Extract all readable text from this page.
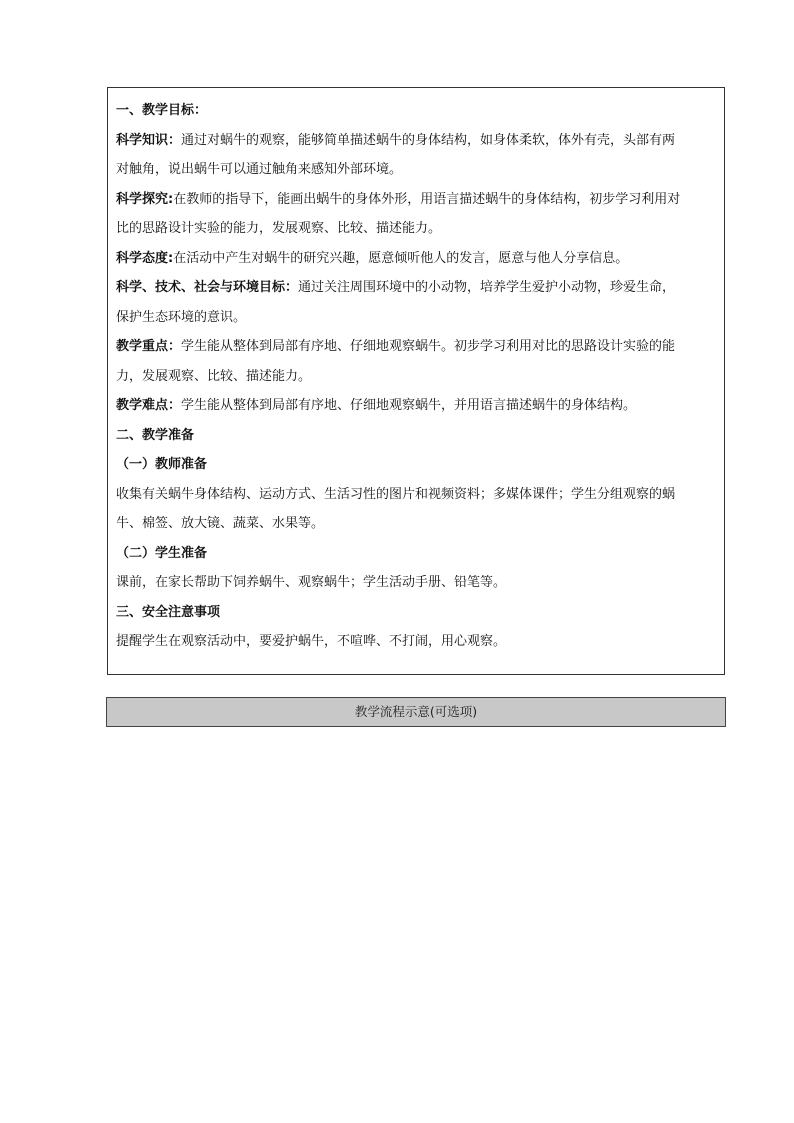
一、教学目标：
科学知识：通过对蜗牛的观察，能够简单描述蜗牛的身体结构，如身体柔软，体外有壳，头部有两
对触角，说出蜗牛可以通过触角来感知外部环境。
科学探究:在教师的指导下，能画出蜗牛的身体外形，用语言描述蜗牛的身体结构，初步学习利用对
比的思路设计实验的能力，发展观察、比较、描述能力。
科学态度:在活动中产生对蜗牛的研究兴趣，愿意倾听他人的发言，愿意与他人分享信息。
科学、技术、社会与环境目标：通过关注周围环境中的小动物，培养学生爱护小动物，珍爱生命，
保护生态环境的意识。
教学重点：学生能从整体到局部有序地、仔细地观察蜗牛。初步学习利用对比的思路设计实验的能
力，发展观察、比较、描述能力。
教学难点：学生能从整体到局部有序地、仔细地观察蜗牛，并用语言描述蜗牛的身体结构。
二、教学准备
（一）教师准备
收集有关蜗牛身体结构、运动方式、生活习性的图片和视频资料；多媒体课件；学生分组观察的蜗
牛、棉签、放大镜、蔬菜、水果等。
（二）学生准备
课前，在家长帮助下饲养蜗牛、观察蜗牛；学生活动手册、铅笔等。
三、安全注意事项
提醒学生在观察活动中，要爱护蜗牛，不喧哗、不打闹，用心观察。
教学流程示意(可选项)
